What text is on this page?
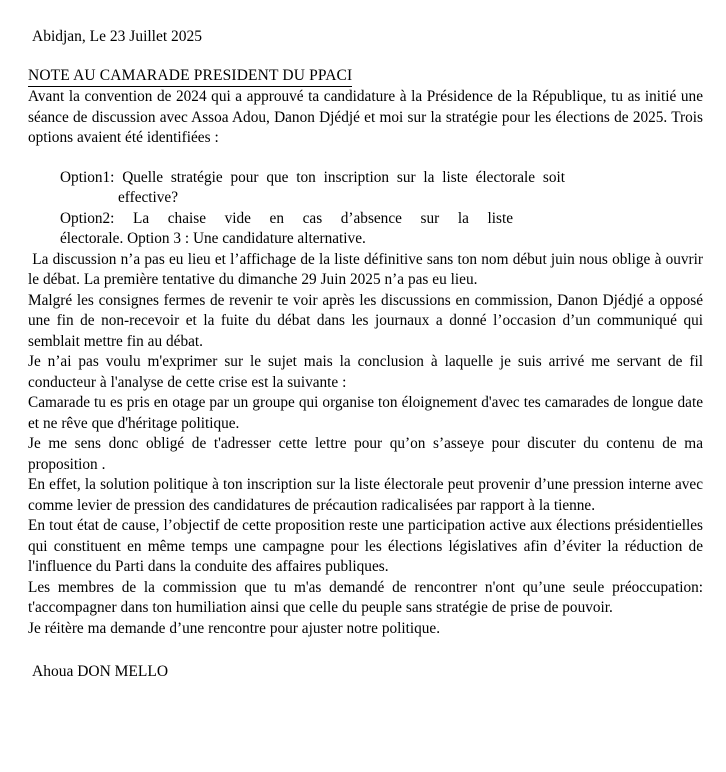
Abidjan, Le 23 Juillet 2025
NOTE AU CAMARADE PRESIDENT DU PPACI

Avant la convention de 2024 qui a approuvé ta candidature à la Présidence de la République, tu as initié une séance de discussion avec Assoa Adou, Danon Djédjé et moi sur la stratégie pour les élections de 2025. Trois options avaient été identifiées :

Option1: Quelle stratégie pour que ton inscription sur la liste électorale soit

effective?

Option2:  La  chaise  vide  en  cas  d’absence  sur  la  liste

électorale. Option 3 : Une candidature alternative.

La discussion n’a pas eu lieu et l’affichage de la liste définitive sans ton nom début juin nous oblige à ouvrir le débat. La première tentative du dimanche 29 Juin 2025 n’a pas eu lieu.

Malgré les consignes fermes de revenir te voir après les discussions en commission, Danon Djédjé a opposé une fin de non-recevoir et la fuite du débat dans les journaux a donné l’occasion d’un communiqué qui semblait mettre fin au débat.

Je n’ai pas voulu m'exprimer sur le sujet mais la conclusion à laquelle je suis arrivé me servant de fil conducteur à l'analyse de cette crise est la suivante :

Camarade tu es pris en otage par un groupe qui organise ton éloignement d'avec tes camarades de longue date et ne rêve que d'héritage politique.

Je me sens donc obligé de t'adresser cette lettre pour qu’on s’asseye pour discuter du contenu de ma proposition .

En effet, la solution politique à ton inscription sur la liste électorale peut provenir d’une pression interne avec comme levier de pression des candidatures de précaution radicalisées par rapport à la tienne.

En tout état de cause, l’objectif de cette proposition reste une participation active aux élections présidentielles qui constituent en même temps une campagne pour les élections législatives afin d’éviter la réduction de l'influence du Parti dans la conduite des affaires publiques.

Les membres de la commission que tu m'as demandé de rencontrer n'ont qu’une seule préoccupation: t'accompagner dans ton humiliation ainsi que celle du peuple sans stratégie de prise de pouvoir.

Je réitère ma demande d’une rencontre pour ajuster notre politique.

Ahoua DON MELLO
